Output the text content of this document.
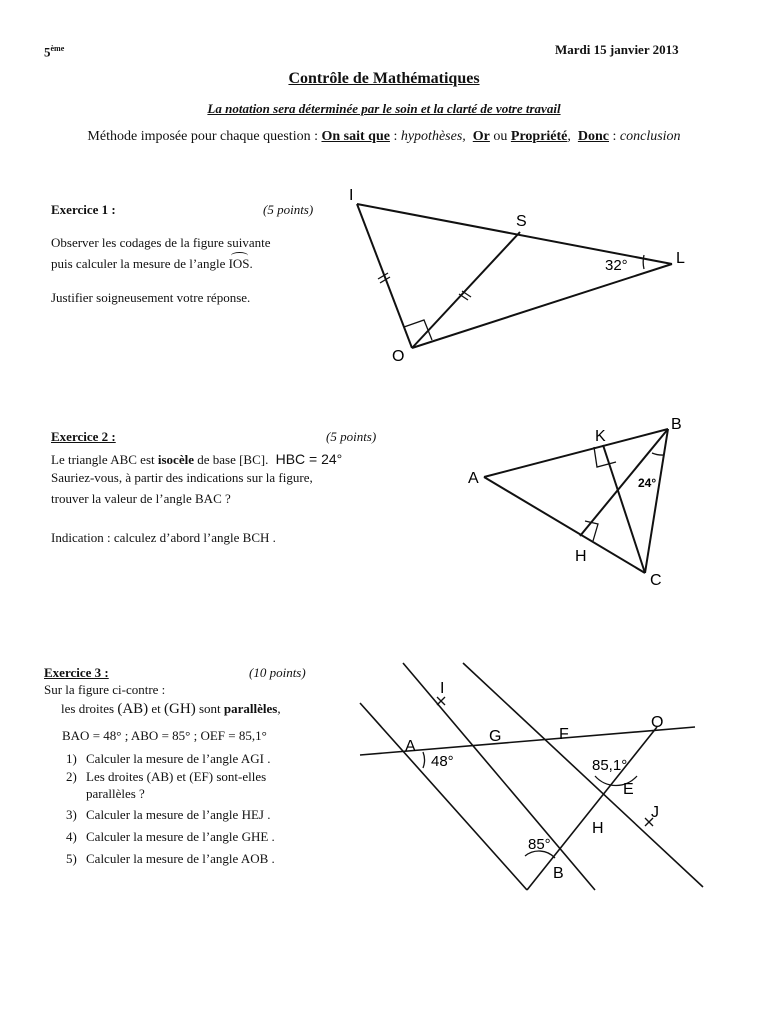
5ème	Mardi 15 janvier 2013
Contrôle de Mathématiques
La notation sera déterminée par le soin et la clarté de votre travail
Méthode imposée pour chaque question : On sait que : hypothèses, Or ou Propriété, Donc : conclusion
Exercice 1 :	(5 points)
Observer les codages de la figure suivante
puis calculer la mesure de l’angle IOS.
Justifier soigneusement votre réponse.
I
S
L
O
32°
Exercice 2 :	(5 points)
Le triangle ABC est isocèle de base [BC]. HBC = 24°
Sauriez-vous, à partir des indications sur la figure,
trouver la valeur de l’angle BAC ?
Indication : calculez d’abord l’angle BCH .
A
B
C
K
H
24°
Exercice 3 :	(10 points)
Sur la figure ci-contre :
les droites (AB) et (GH) sont parallèles,
BAO = 48° ; ABO = 85° ; OEF = 85,1°
1) Calculer la mesure de l’angle AGI .
2) Les droites (AB) et (EF) sont-elles
parallèles ?
3) Calculer la mesure de l’angle HEJ .
4) Calculer la mesure de l’angle GHE .
5) Calculer la mesure de l’angle AOB .
I
A
G	F
O
E
J
H
B
48°	85,1°
85°
